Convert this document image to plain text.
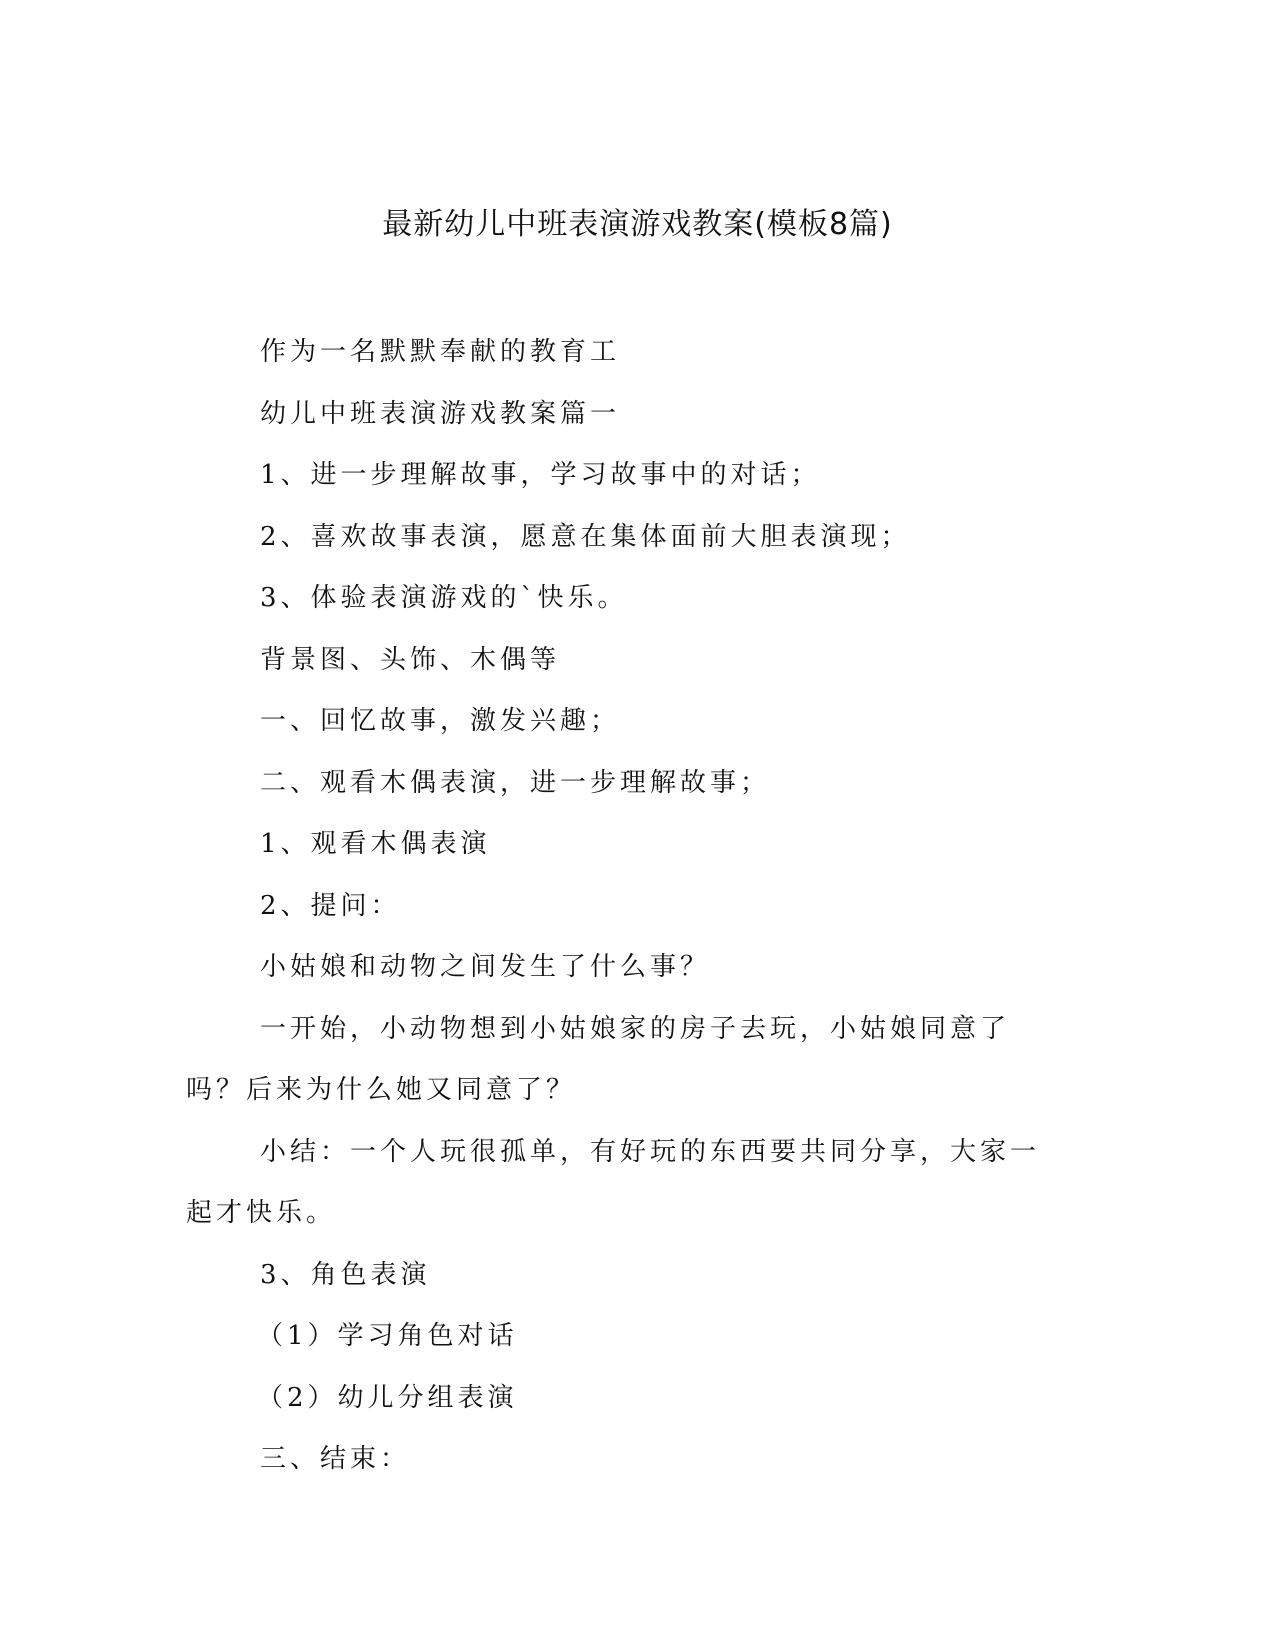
最新幼儿中班表演游戏教案(模板8篇)

作为一名默默奉献的教育工

幼儿中班表演游戏教案篇一

1、进一步理解故事，学习故事中的对话；

2、喜欢故事表演，愿意在集体面前大胆表演现；

3、体验表演游戏的`快乐。

背景图、头饰、木偶等

一、回忆故事，激发兴趣；

二、观看木偶表演，进一步理解故事；

1、观看木偶表演

2、提问：

小姑娘和动物之间发生了什么事？

一开始，小动物想到小姑娘家的房子去玩，小姑娘同意了吗？后来为什么她又同意了？

小结：一个人玩很孤单，有好玩的东西要共同分享，大家一起才快乐。

3、角色表演

（1）学习角色对话

（2）幼儿分组表演

三、结束：
